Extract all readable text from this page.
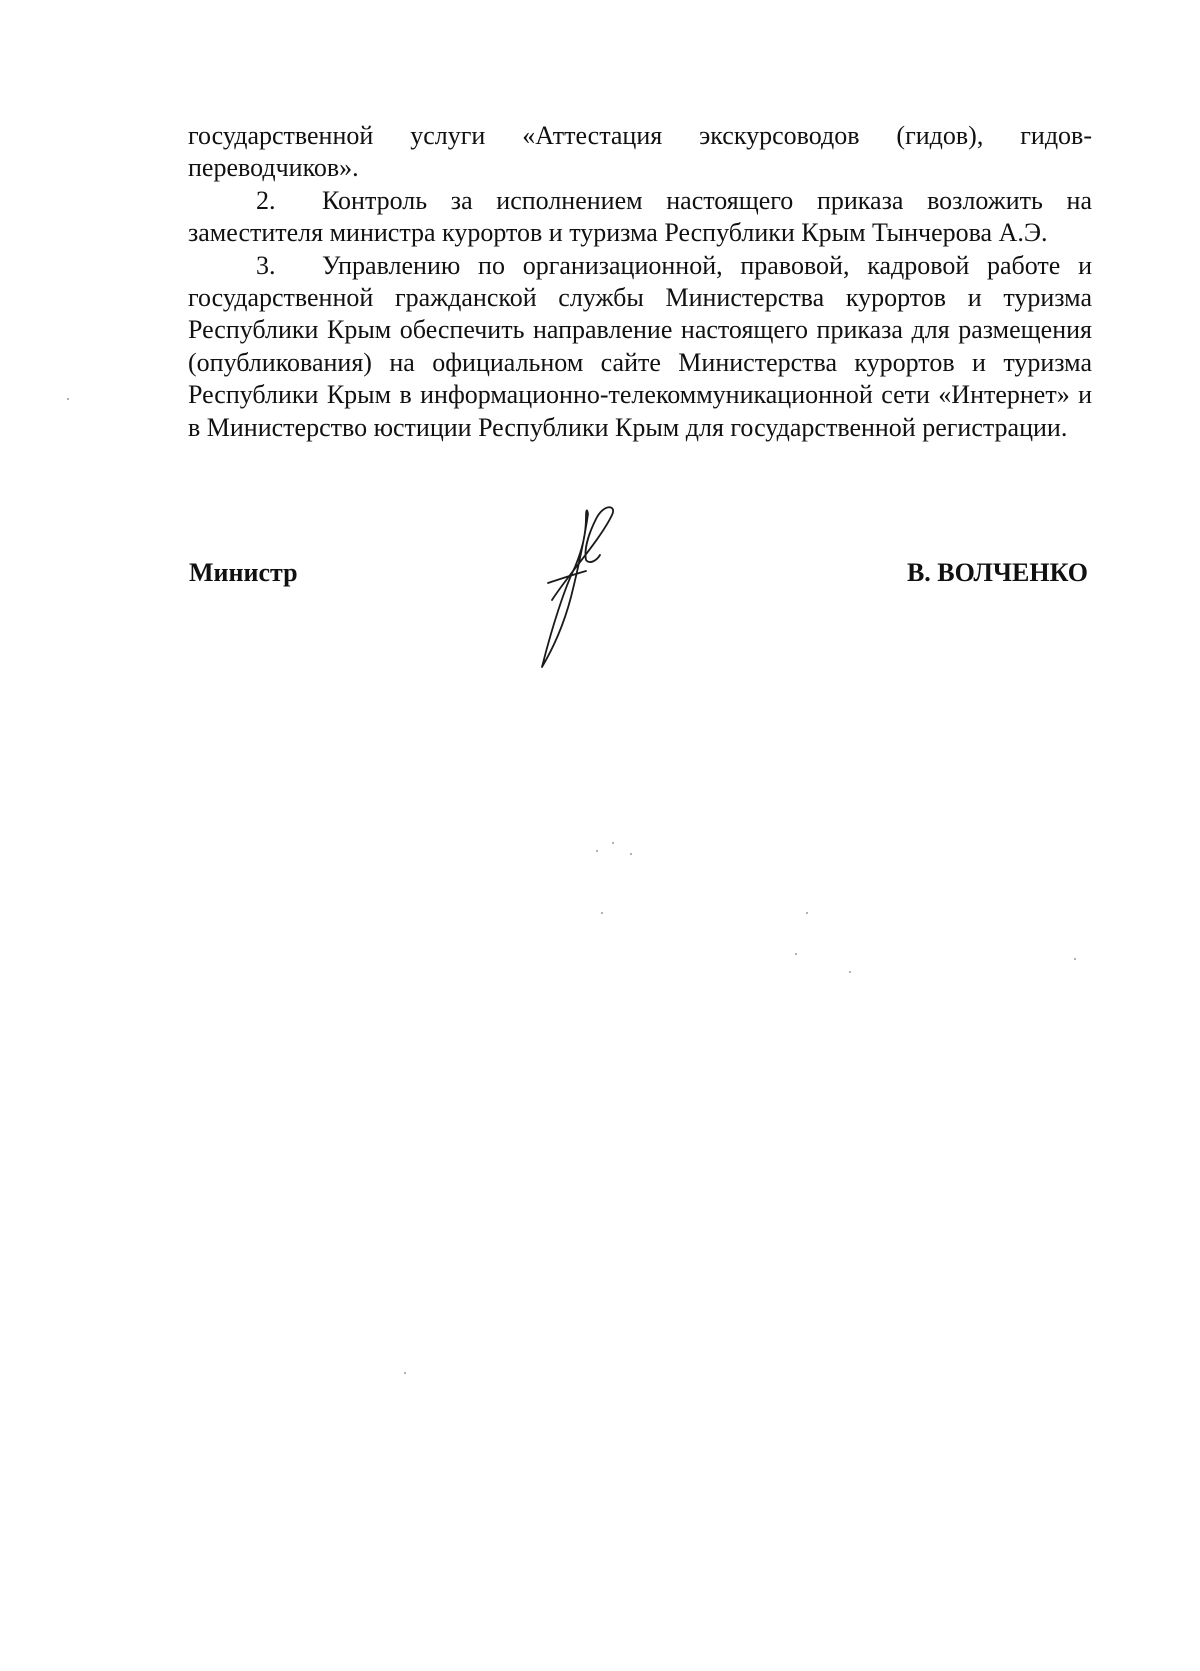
государственной услуги «Аттестация экскурсоводов (гидов), гидов-переводчиков».

2. Контроль за исполнением настоящего приказа возложить на заместителя министра курортов и туризма Республики Крым Тынчерова А.Э.

3. Управлению по организационной, правовой, кадровой работе и государственной гражданской службы Министерства курортов и туризма Республики Крым обеспечить направление настоящего приказа для размещения (опубликования) на официальном сайте Министерства курортов и туризма Республики Крым в информационно-телекоммуникационной сети «Интернет» и в Министерство юстиции Республики Крым для государственной регистрации.

Министр	В. ВОЛЧЕНКО
